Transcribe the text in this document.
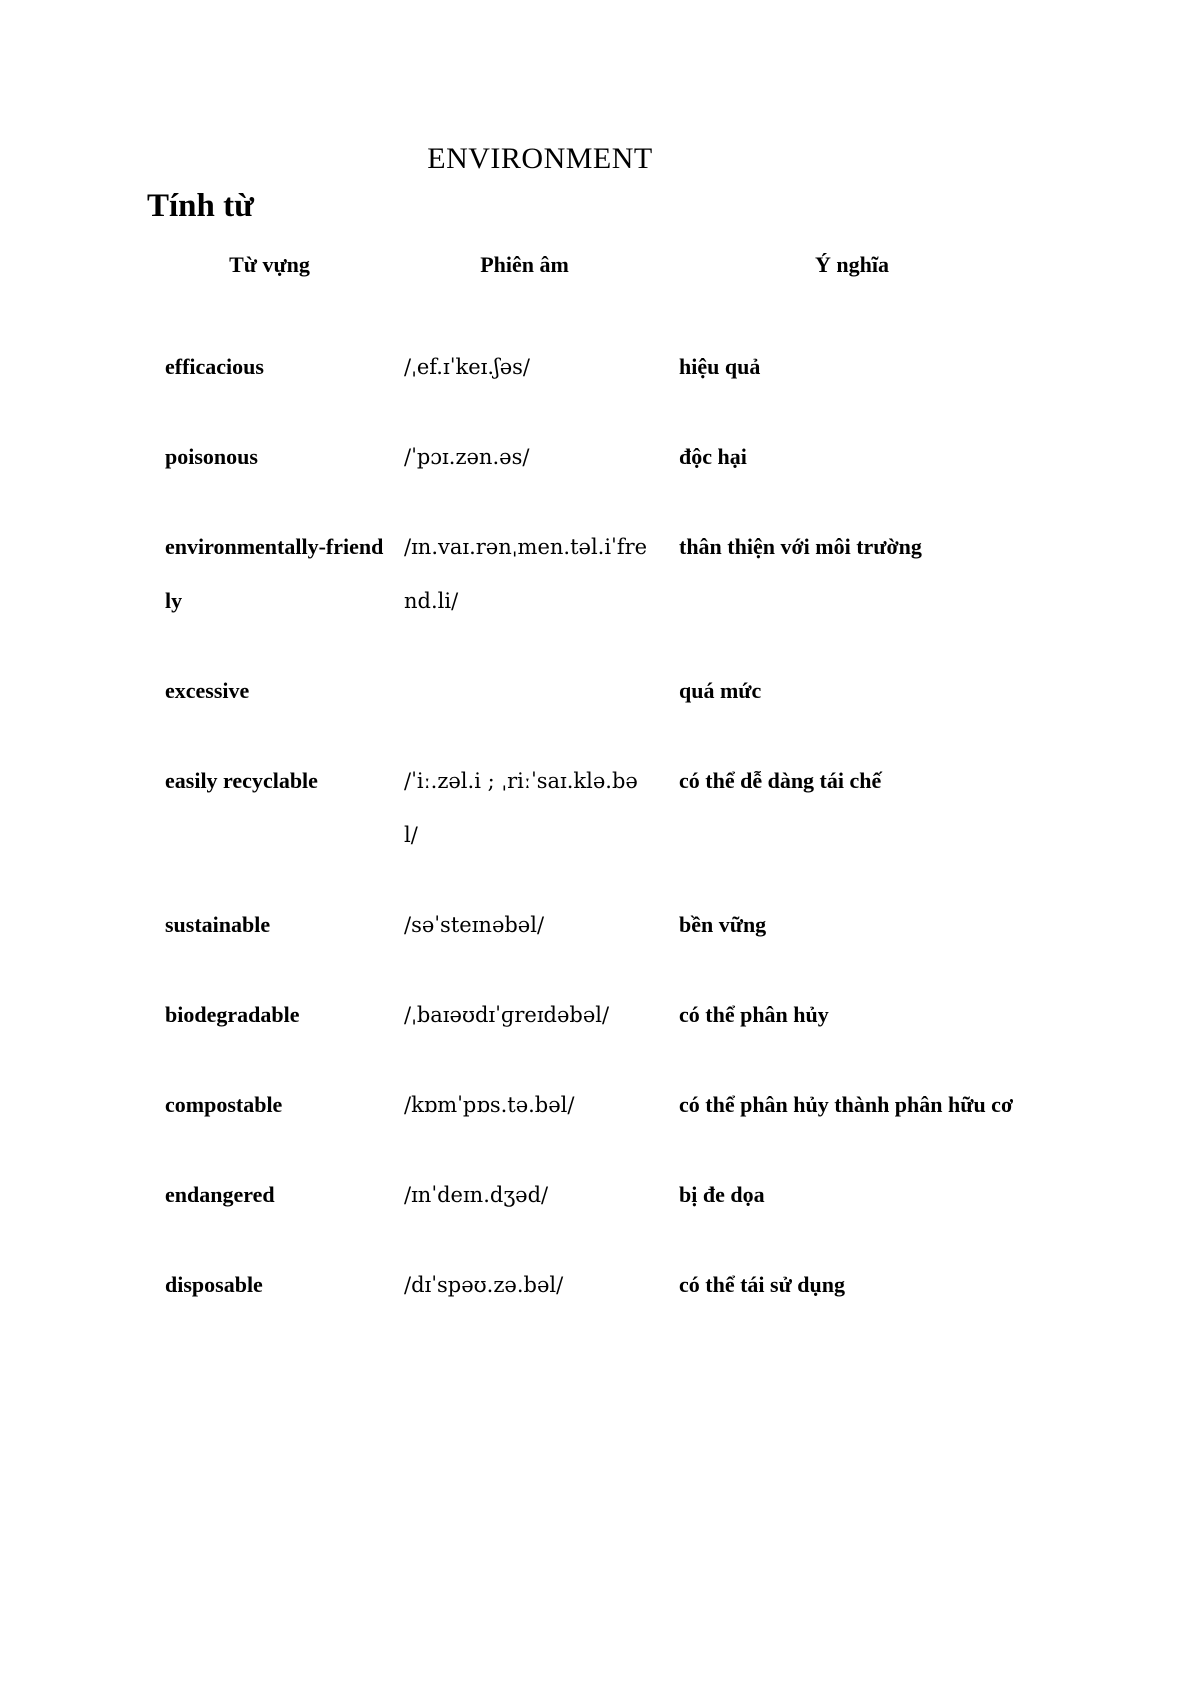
ENVIRONMENT
Tính từ
Từ vựng	Phiên âm	Ý nghĩa
efficacious	/ˌef.ɪˈkeɪ.ʃəs/	hiệu quả
poisonous	/ˈpɔɪ.zən.əs/	độc hại
environmentally-friendly	/ɪn.vaɪ.rənˌmen.təl.iˈfrend.li/	thân thiện với môi trường
excessive		quá mức
easily recyclable	/ˈiː.zəl.i ; ˌriːˈsaɪ.klə.bəl/	có thể dễ dàng tái chế
sustainable	/səˈsteɪnəbəl/	bền vững
biodegradable	/ˌbaɪəʊdɪˈɡreɪdəbəl/	có thể phân hủy
compostable	/kɒmˈpɒs.tə.bəl/	có thể phân hủy thành phân hữu cơ
endangered	/ɪnˈdeɪn.dʒəd/	bị đe dọa
disposable	/dɪˈspəʊ.zə.bəl/	có thể tái sử dụng
